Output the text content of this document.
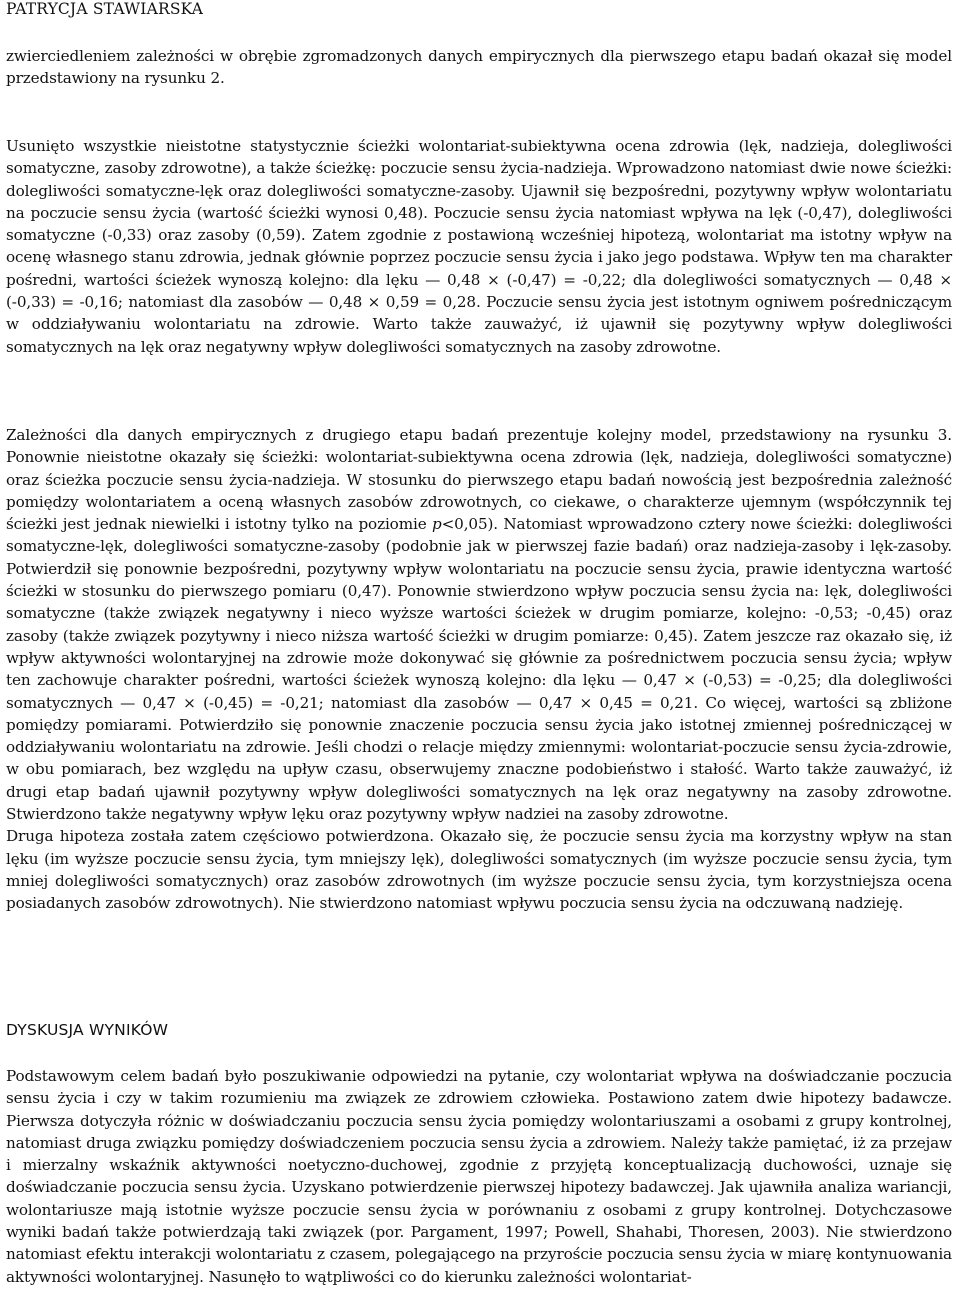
PATRYCJA STAWIARSKA

zwierciedleniem zależności w obrębie zgromadzonych danych empirycznych dla pierwszego etapu badań okazał się model przedstawiony na rysunku 2.

Usunięto wszystkie nieistotne statystycznie ścieżki wolontariat-subiektywna ocena zdrowia (lęk, nadzieja, dolegliwości somatyczne, zasoby zdrowotne), a także ścieżkę: poczucie sensu życia-nadzieja. Wprowadzono natomiast dwie nowe ścieżki: dolegliwości somatyczne-lęk oraz dolegliwości somatyczne-zasoby. Ujawnił się bezpośredni, pozytywny wpływ wolontariatu na poczucie sensu życia (wartość ścieżki wynosi 0,48). Poczucie sensu życia natomiast wpływa na lęk (-0,47), dolegliwości somatyczne (-0,33) oraz zasoby (0,59). Zatem zgodnie z postawioną wcześniej hipotezą, wolontariat ma istotny wpływ na ocenę własnego stanu zdrowia, jednak głównie poprzez poczucie sensu życia i jako jego podstawa. Wpływ ten ma charakter pośredni, wartości ścieżek wynoszą kolejno: dla lęku — 0,48 × (-0,47) = -0,22; dla dolegliwości somatycznych — 0,48 × (-0,33) = -0,16; natomiast dla zasobów — 0,48 × 0,59 = 0,28. Poczucie sensu życia jest istotnym ogniwem pośredniczącym w oddziaływaniu wolontariatu na zdrowie. Warto także zauważyć, iż ujawnił się pozytywny wpływ dolegliwości somatycznych na lęk oraz negatywny wpływ dolegliwości somatycznych na zasoby zdrowotne.

Zależności dla danych empirycznych z drugiego etapu badań prezentuje kolejny model, przedstawiony na rysunku 3. Ponownie nieistotne okazały się ścieżki: wolontariat-subiektywna ocena zdrowia (lęk, nadzieja, dolegliwości somatyczne) oraz ścieżka poczucie sensu życia-nadzieja. W stosunku do pierwszego etapu badań nowością jest bezpośrednia zależność pomiędzy wolontariatem a oceną własnych zasobów zdrowotnych, co ciekawe, o charakterze ujemnym (współczynnik tej ścieżki jest jednak niewielki i istotny tylko na poziomie p<0,05). Natomiast wprowadzono cztery nowe ścieżki: dolegliwości somatyczne-lęk, dolegliwości somatyczne-zasoby (podobnie jak w pierwszej fazie badań) oraz nadzieja-zasoby i lęk-zasoby. Potwierdził się ponownie bezpośredni, pozytywny wpływ wolontariatu na poczucie sensu życia, prawie identyczna wartość ścieżki w stosunku do pierwszego pomiaru (0,47). Ponownie stwierdzono wpływ poczucia sensu życia na: lęk, dolegliwości somatyczne (także związek negatywny i nieco wyższe wartości ścieżek w drugim pomiarze, kolejno: -0,53; -0,45) oraz zasoby (także związek pozytywny i nieco niższa wartość ścieżki w drugim pomiarze: 0,45). Zatem jeszcze raz okazało się, iż wpływ aktywności wolontaryjnej na zdrowie może dokonywać się głównie za pośrednictwem poczucia sensu życia; wpływ ten zachowuje charakter pośredni, wartości ścieżek wynoszą kolejno: dla lęku — 0,47 × (-0,53) = -0,25; dla dolegliwości somatycznych — 0,47 × (-0,45) = -0,21; natomiast dla zasobów — 0,47 × 0,45 = 0,21. Co więcej, wartości są zbliżone pomiędzy pomiarami. Potwierdziło się ponownie znaczenie poczucia sensu życia jako istotnej zmiennej pośredniczącej w oddziaływaniu wolontariatu na zdrowie. Jeśli chodzi o relacje między zmiennymi: wolontariat-poczucie sensu życia-zdrowie, w obu pomiarach, bez względu na upływ czasu, obserwujemy znaczne podobieństwo i stałość. Warto także zauważyć, iż drugi etap badań ujawnił pozytywny wpływ dolegliwości somatycznych na lęk oraz negatywny na zasoby zdrowotne. Stwierdzono także negatywny wpływ lęku oraz pozytywny wpływ nadziei na zasoby zdrowotne.
Druga hipoteza została zatem częściowo potwierdzona. Okazało się, że poczucie sensu życia ma korzystny wpływ na stan lęku (im wyższe poczucie sensu życia, tym mniejszy lęk), dolegliwości somatycznych (im wyższe poczucie sensu życia, tym mniej dolegliwości somatycznych) oraz zasobów zdrowotnych (im wyższe poczucie sensu życia, tym korzystniejsza ocena posiadanych zasobów zdrowotnych). Nie stwierdzono natomiast wpływu poczucia sensu życia na odczuwaną nadzieję.
DYSKUSJA WYNIKÓW

Podstawowym celem badań było poszukiwanie odpowiedzi na pytanie, czy wolontariat wpływa na doświadczanie poczucia sensu życia i czy w takim rozumieniu ma związek ze zdrowiem człowieka. Postawiono zatem dwie hipotezy badawcze. Pierwsza dotyczyła różnic w doświadczaniu poczucia sensu życia pomiędzy wolontariuszami a osobami z grupy kontrolnej, natomiast druga związku pomiędzy doświadczeniem poczucia sensu życia a zdrowiem. Należy także pamiętać, iż za przejaw i mierzalny wskaźnik aktywności noetyczno-duchowej, zgodnie z przyjętą konceptualizacją duchowości, uznaje się doświadczanie poczucia sensu życia. Uzyskano potwierdzenie pierwszej hipotezy badawczej. Jak ujawniła analiza wariancji, wolontariusze mają istotnie wyższe poczucie sensu życia w porównaniu z osobami z grupy kontrolnej. Dotychczasowe wyniki badań także potwierdzają taki związek (por. Pargament, 1997; Powell, Shahabi, Thoresen, 2003). Nie stwierdzono natomiast efektu interakcji wolontariatu z czasem, polegającego na przyroście poczucia sensu życia w miarę kontynuowania aktywności wolontaryjnej. Nasunęło to wątpliwości co do kierunku zależności wolontariat-
